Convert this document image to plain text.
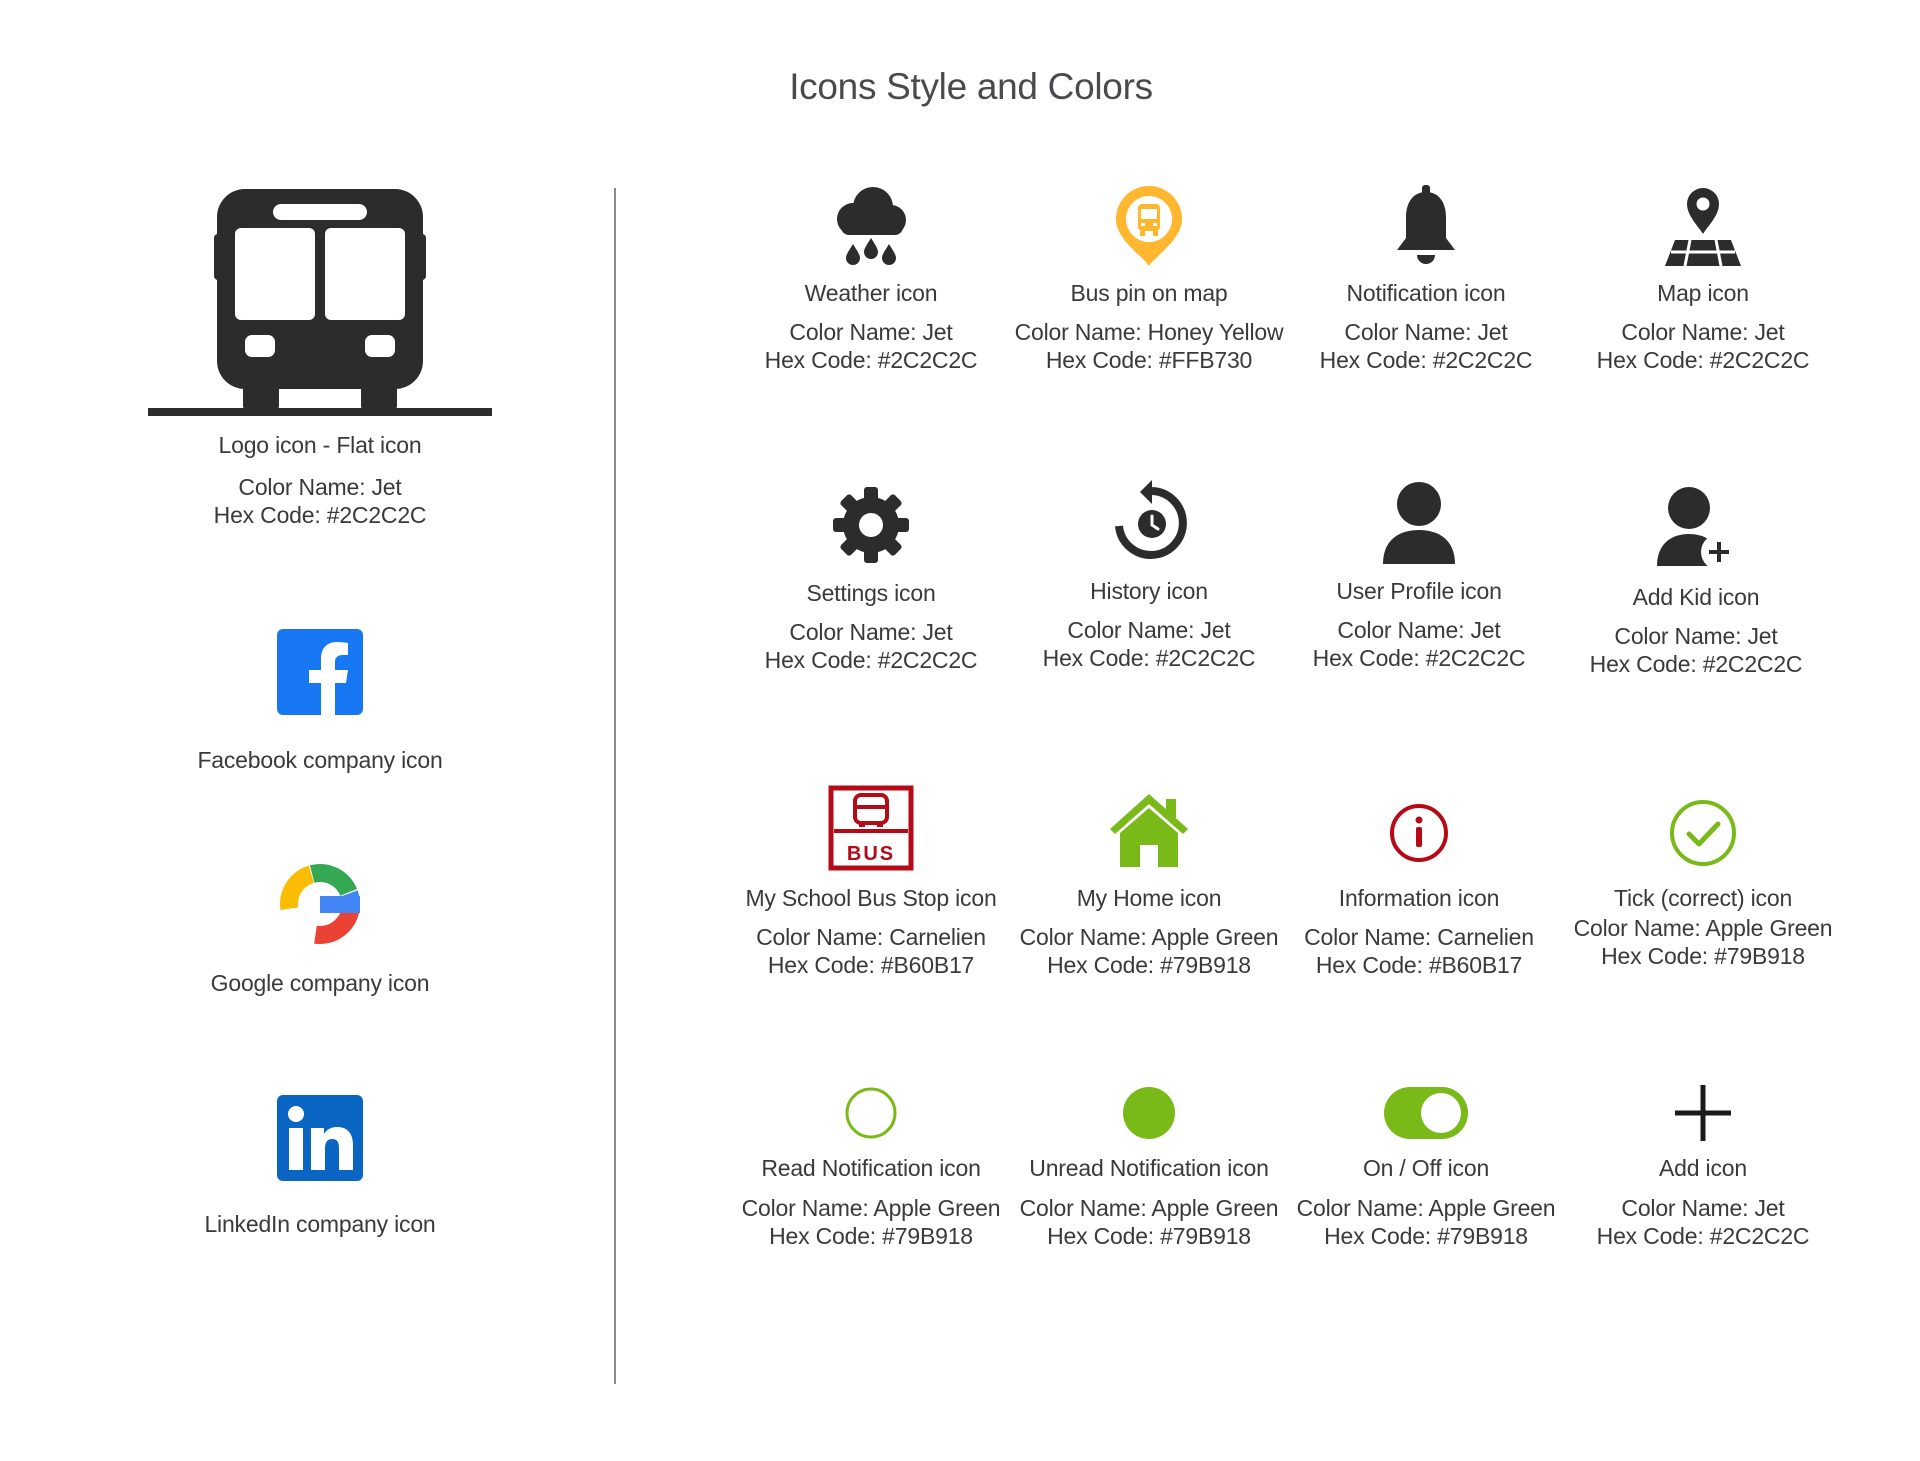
Icons Style and Colors
Logo icon - Flat icon
Color Name: Jet
Hex Code: #2C2C2C
Facebook company icon
Google company icon
LinkedIn company icon
Weather icon
Color Name: Jet
Hex Code: #2C2C2C
Bus pin on map
Color Name: Honey Yellow
Hex Code: #FFB730
Notification icon
Color Name: Jet
Hex Code: #2C2C2C
Map icon
Color Name: Jet
Hex Code: #2C2C2C
Settings icon
Color Name: Jet
Hex Code: #2C2C2C
History icon
Color Name: Jet
Hex Code: #2C2C2C
User Profile icon
Color Name: Jet
Hex Code: #2C2C2C
Add Kid icon
Color Name: Jet
Hex Code: #2C2C2C
BUS
My School Bus Stop icon
Color Name: Carnelien
Hex Code: #B60B17
My Home icon
Color Name: Apple Green
Hex Code: #79B918
Information icon
Color Name: Carnelien
Hex Code: #B60B17
Tick (correct) icon
Color Name: Apple Green
Hex Code: #79B918
Read Notification icon
Color Name: Apple Green
Hex Code: #79B918
Unread Notification icon
Color Name: Apple Green
Hex Code: #79B918
On / Off icon
Color Name: Apple Green
Hex Code: #79B918
Add icon
Color Name: Jet
Hex Code: #2C2C2C
